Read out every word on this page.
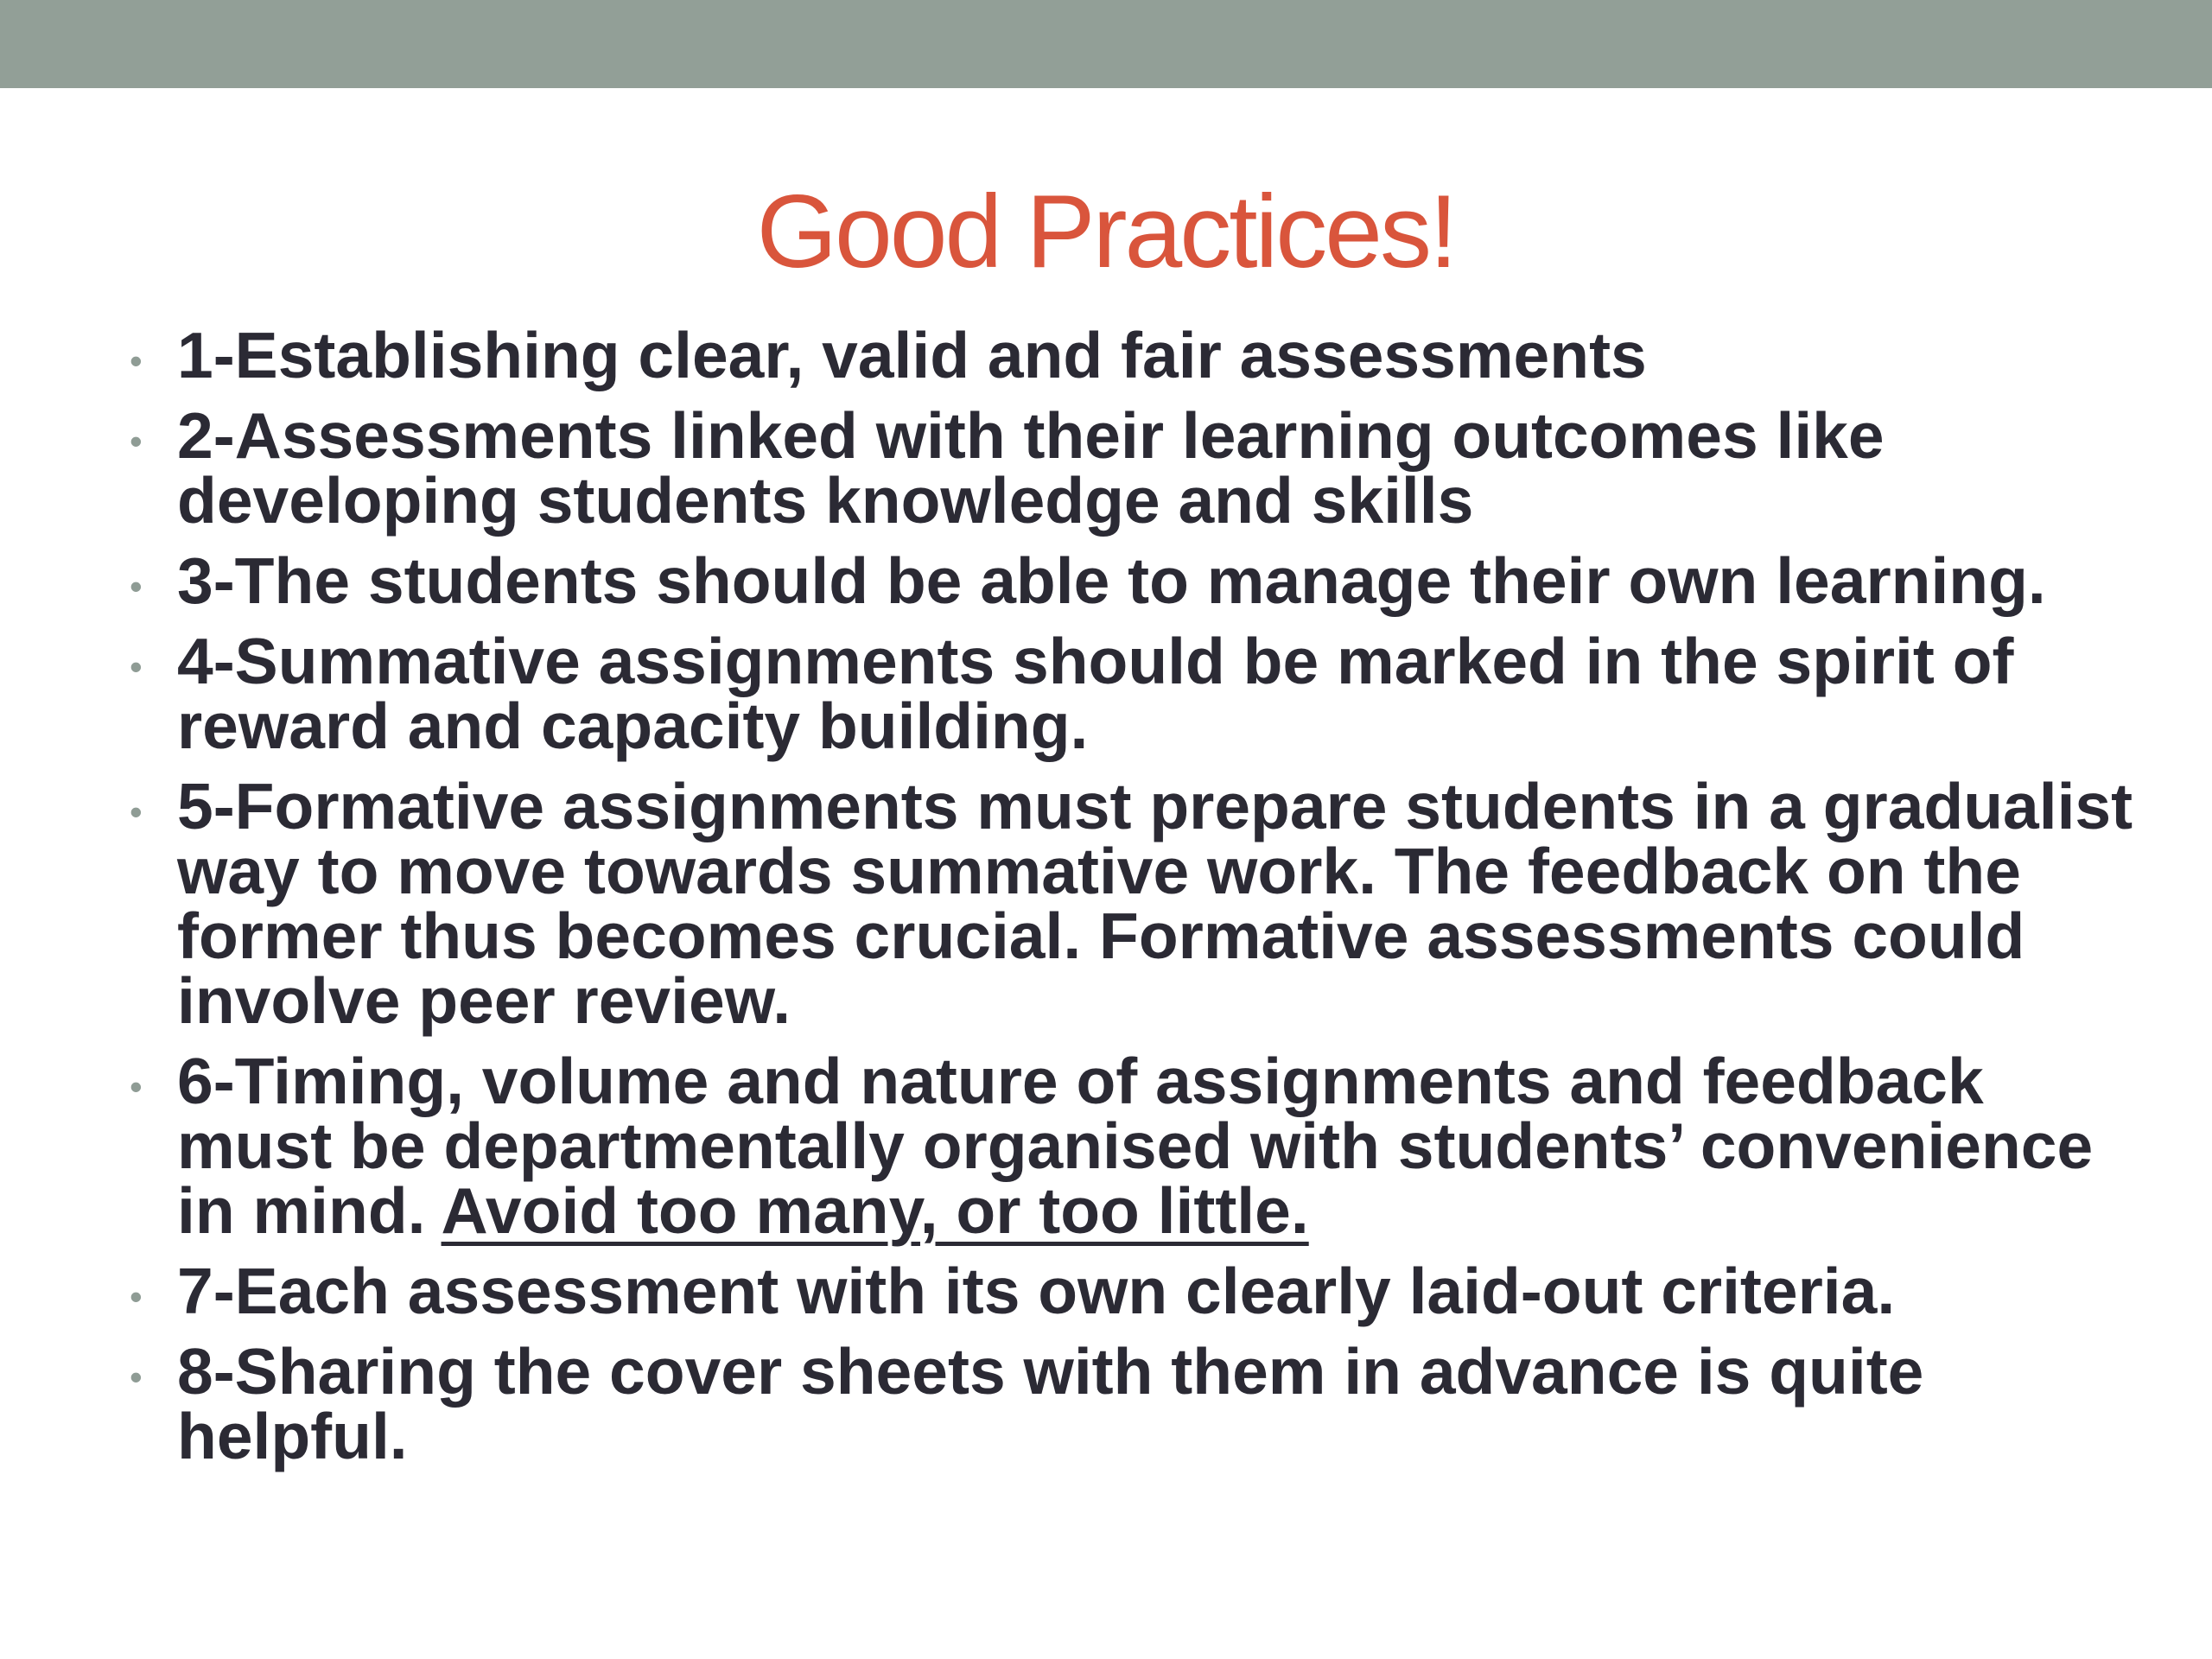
Good Practices!
• 1-Establishing clear, valid and fair assessments
• 2-Assessments linked with their learning outcomes like developing students knowledge and skills
• 3-The students should be able to manage their own learning.
• 4-Summative assignments should be marked in the spirit of reward and capacity building.
• 5-Formative assignments must prepare students in a gradualist way to move towards summative work. The feedback on the former thus becomes crucial. Formative assessments could involve peer review.
• 6-Timing, volume and nature of assignments and feedback must be departmentally organised with students’ convenience in mind. Avoid too many, or too little.
• 7-Each assessment with its own clearly laid-out criteria.
• 8-Sharing the cover sheets with them in advance is quite helpful.
